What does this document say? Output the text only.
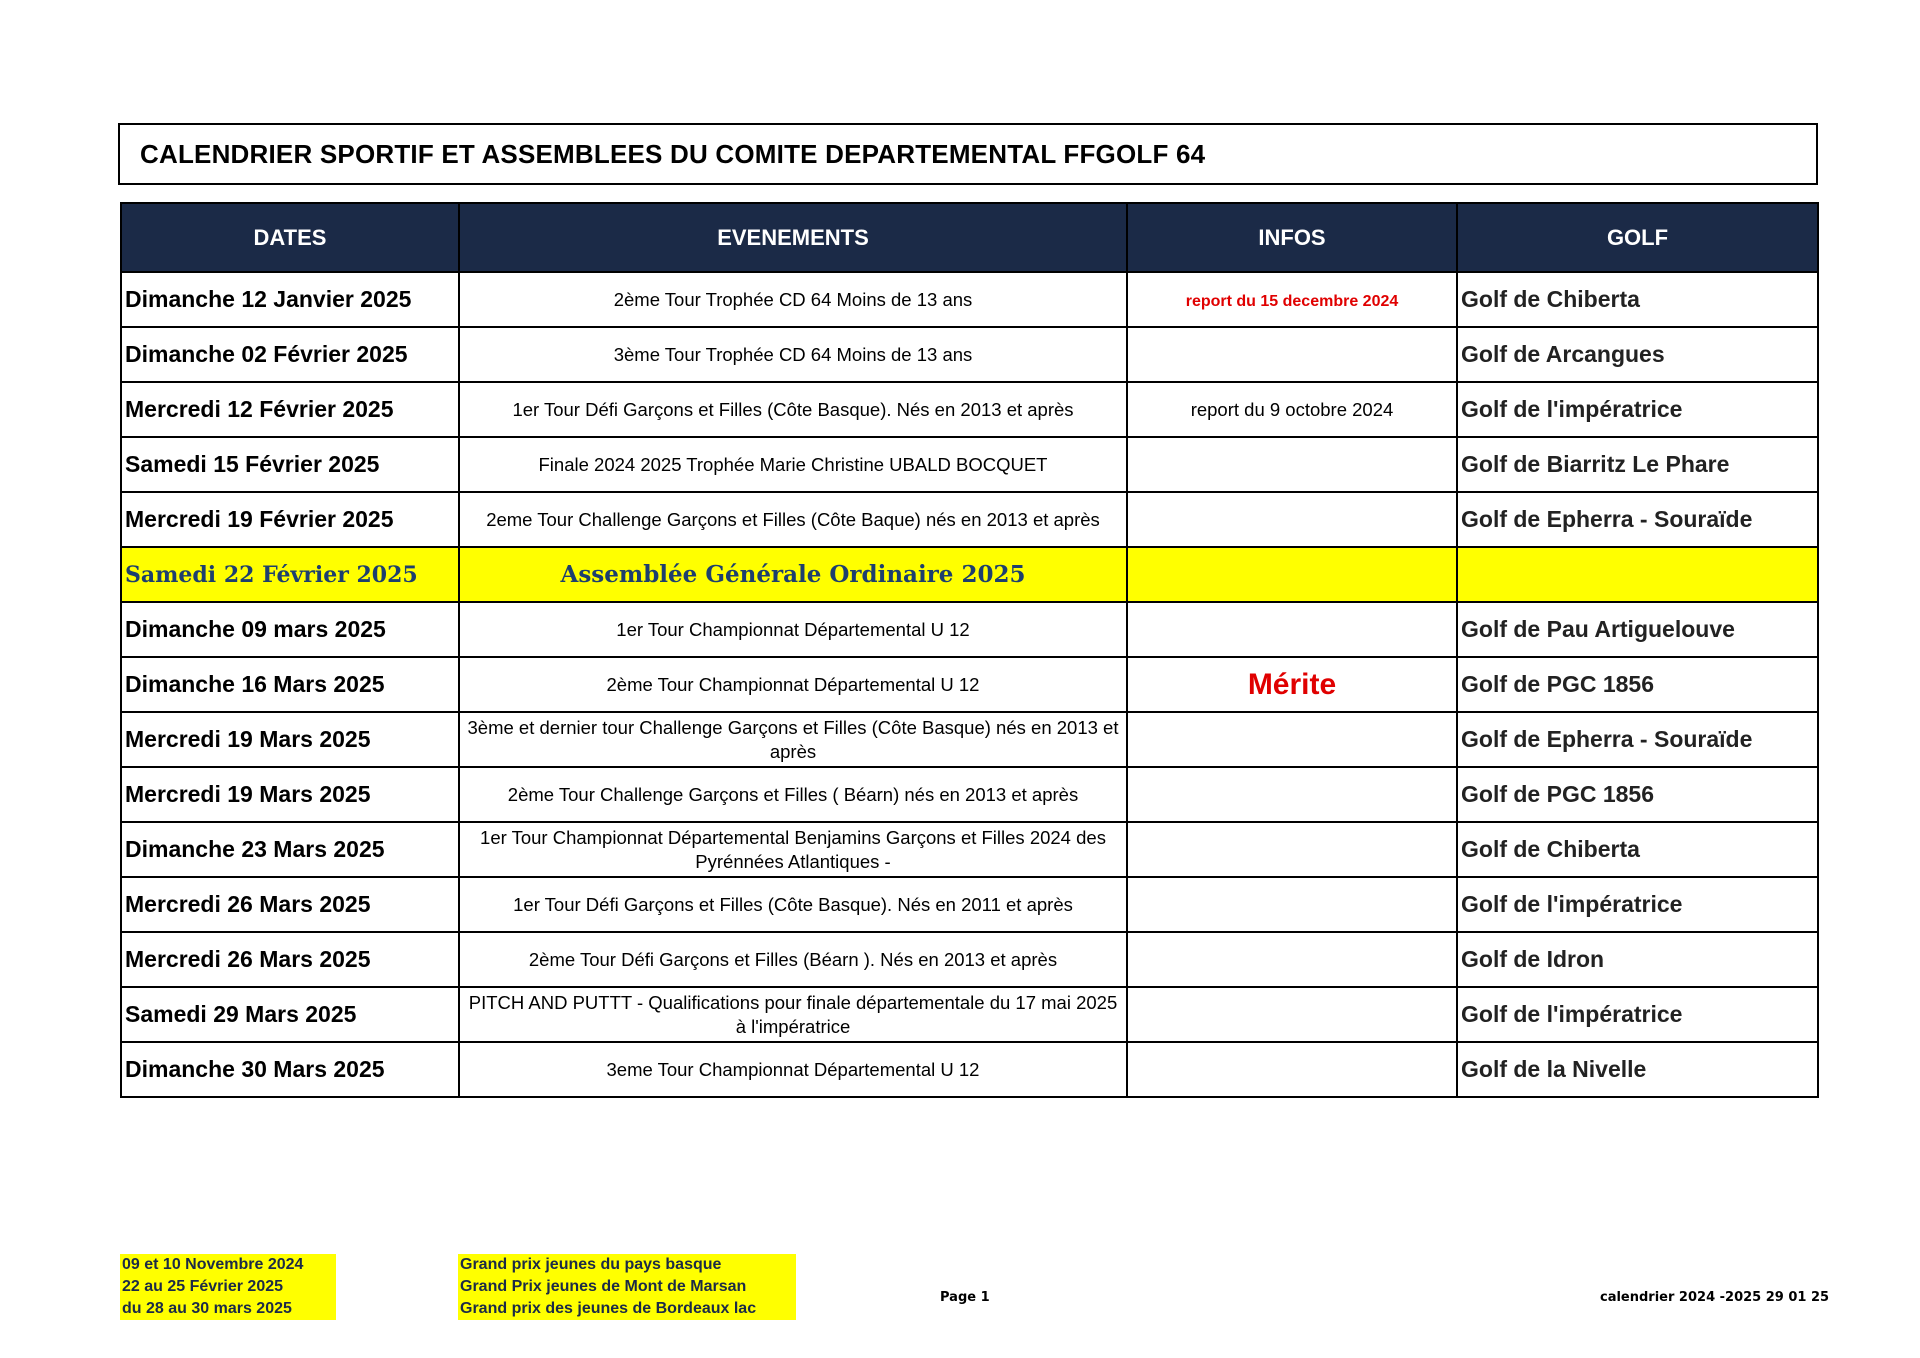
CALENDRIER SPORTIF ET ASSEMBLEES DU COMITE DEPARTEMENTAL FFGOLF 64
DATES	EVENEMENTS	INFOS	GOLF
Dimanche 12 Janvier 2025	2ème Tour Trophée CD 64 Moins de 13 ans	report du 15 decembre 2024	Golf de Chiberta
Dimanche 02 Février 2025	3ème Tour Trophée CD 64 Moins de 13 ans		Golf de Arcangues
Mercredi 12 Février 2025	1er Tour Défi Garçons et Filles (Côte Basque). Nés en 2013 et après	report du 9 octobre 2024	Golf de l'impératrice
Samedi 15 Février 2025	Finale 2024 2025 Trophée Marie Christine UBALD BOCQUET		Golf de Biarritz Le Phare
Mercredi 19 Février 2025	2eme Tour Challenge Garçons et Filles (Côte Baque) nés en 2013 et après		Golf de Epherra - Souraïde
Samedi 22 Février 2025	Assemblée Générale Ordinaire 2025		
Dimanche 09 mars 2025	1er Tour Championnat Départemental U 12		Golf de Pau Artiguelouve
Dimanche 16 Mars 2025	2ème Tour Championnat Départemental U 12	Mérite	Golf de PGC 1856
Mercredi 19 Mars 2025	3ème et dernier tour Challenge Garçons et Filles (Côte Basque) nés en 2013 et après		Golf de Epherra - Souraïde
Mercredi 19 Mars 2025	2ème Tour Challenge Garçons et Filles ( Béarn) nés en 2013 et après		Golf de PGC 1856
Dimanche 23 Mars 2025	1er Tour Championnat Départemental Benjamins Garçons et Filles 2024 des Pyrénnées Atlantiques -		Golf de Chiberta
Mercredi 26 Mars 2025	1er Tour Défi Garçons et Filles (Côte Basque). Nés en 2011 et après		Golf de l'impératrice
Mercredi 26 Mars 2025	2ème Tour Défi Garçons et Filles (Béarn ). Nés en 2013 et après		Golf de Idron
Samedi 29 Mars 2025	PITCH AND PUTTT - Qualifications pour finale départementale du 17 mai 2025 à l'impératrice		Golf de l'impératrice
Dimanche 30 Mars 2025	3eme Tour Championnat Départemental U 12		Golf de la Nivelle
09 et 10 Novembre 2024
22 au 25 Février 2025
du 28 au 30 mars 2025
Grand prix jeunes du pays basque
Grand Prix jeunes de Mont de Marsan
Grand prix des jeunes de Bordeaux lac
Page 1	calendrier 2024 -2025 29 01 25
